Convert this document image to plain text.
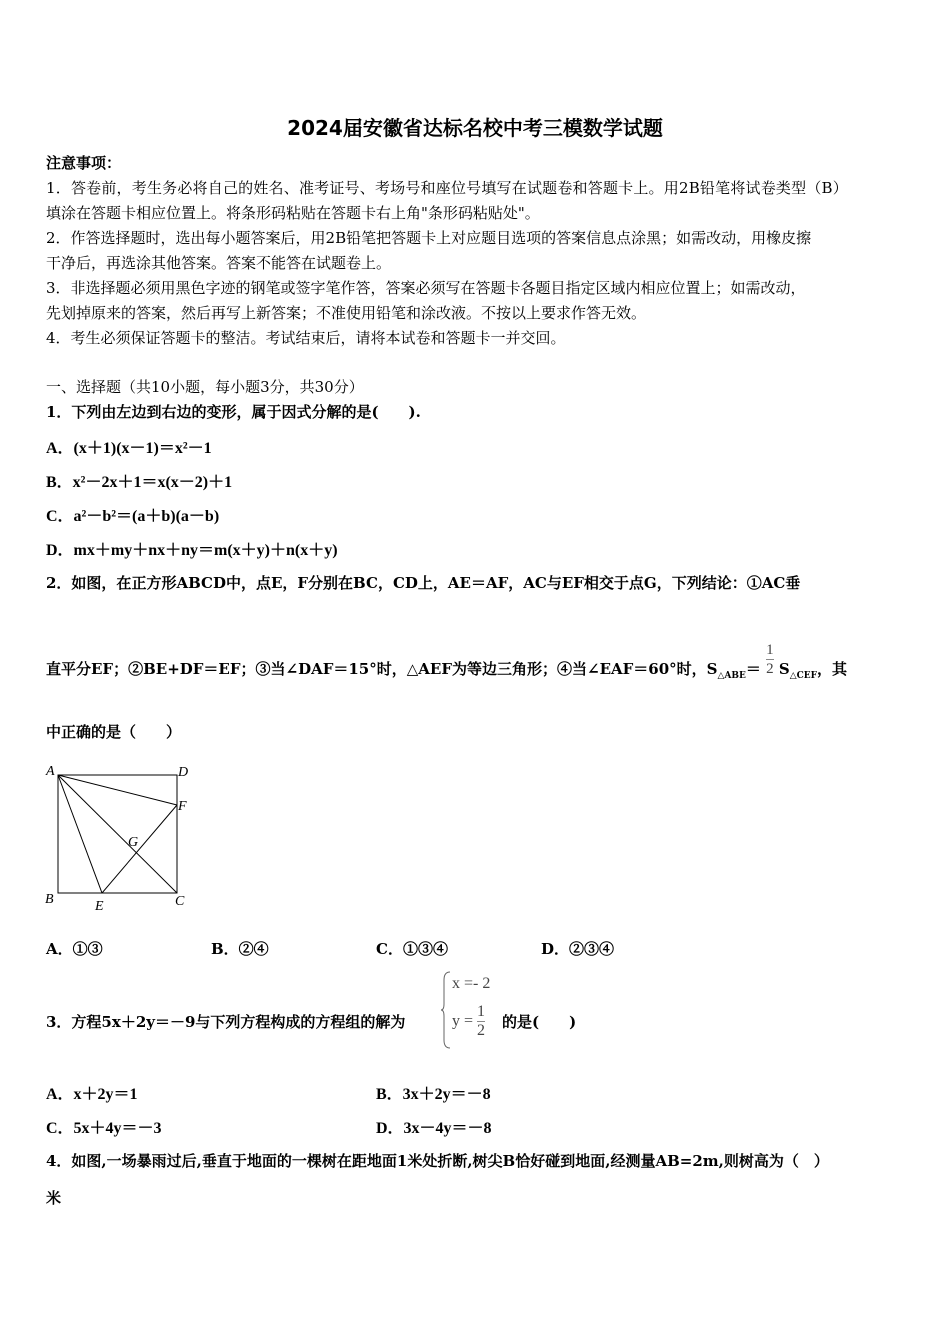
2024届安徽省达标名校中考三模数学试题
注意事项：
1．答卷前，考生务必将自己的姓名、准考证号、考场号和座位号填写在试题卷和答题卡上。用2B铅笔将试卷类型（B）
填涂在答题卡相应位置上。将条形码粘贴在答题卡右上角"条形码粘贴处"。
2．作答选择题时，选出每小题答案后，用2B铅笔把答题卡上对应题目选项的答案信息点涂黑；如需改动，用橡皮擦
干净后，再选涂其他答案。答案不能答在试题卷上。
3．非选择题必须用黑色字迹的钢笔或签字笔作答，答案必须写在答题卡各题目指定区域内相应位置上；如需改动，
先划掉原来的答案，然后再写上新答案；不准使用铅笔和涂改液。不按以上要求作答无效。
4．考生必须保证答题卡的整洁。考试结束后，请将本试卷和答题卡一并交回。
一、选择题（共10小题，每小题3分，共30分）
1．下列由左边到右边的变形，属于因式分解的是(　　).
A．(x＋1)(x－1)＝x²－1
B．x²－2x＋1＝x(x－2)＋1
C．a²－b²＝(a＋b)(a－b)
D．mx＋my＋nx＋ny＝m(x＋y)＋n(x＋y)
2．如图，在正方形ABCD中，点E，F分别在BC，CD上，AE＝AF，AC与EF相交于点G，下列结论：①AC垂
直平分EF；②BE+DF＝EF；③当∠DAF＝15°时，△AEF为等边三角形；④当∠EAF＝60°时，$S_{\triangle ABE}= \frac{1}{2} S_{\triangle CEF}$，其
中正确的是（　　）
A	D
F
G
B	E	C
A．①③	B．②④	C．①③④	D．②③④
3．方程5x＋2y＝－9与下列方程构成的方程组的解为
x =- 2
$y = \frac{1}{2}$ 的是(　　)
A．x＋2y＝1	B．3x＋2y＝－8
C．5x＋4y＝－3	D．3x－4y＝－8
4．如图,一场暴雨过后,垂直于地面的一棵树在距地面1米处折断,树尖B恰好碰到地面,经测量AB=2m,则树高为（　）
米
